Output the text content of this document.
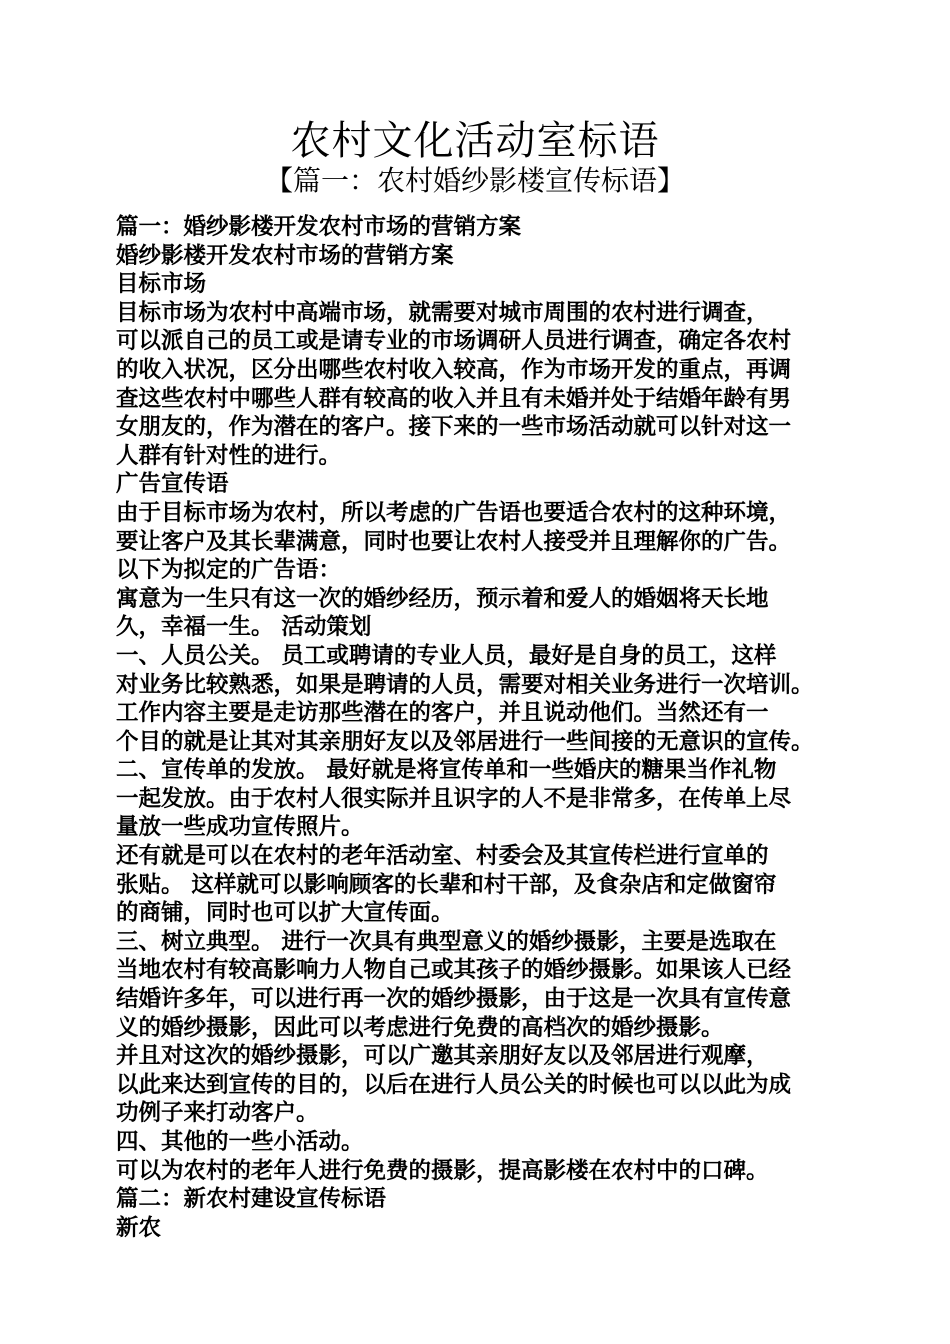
农村文化活动室标语
【篇一：农村婚纱影楼宣传标语】
篇一：婚纱影楼开发农村市场的营销方案
婚纱影楼开发农村市场的营销方案
目标市场
目标市场为农村中高端市场，就需要对城市周围的农村进行调查，
可以派自己的员工或是请专业的市场调研人员进行调查，确定各农村
的收入状况，区分出哪些农村收入较高，作为市场开发的重点，再调
查这些农村中哪些人群有较高的收入并且有未婚并处于结婚年龄有男
女朋友的，作为潜在的客户。接下来的一些市场活动就可以针对这一
人群有针对性的进行。
广告宣传语
由于目标市场为农村，所以考虑的广告语也要适合农村的这种环境，
要让客户及其长辈满意，同时也要让农村人接受并且理解你的广告。
以下为拟定的广告语：
寓意为一生只有这一次的婚纱经历，预示着和爱人的婚姻将天长地
久，幸福一生。 活动策划
一、人员公关。 员工或聘请的专业人员，最好是自身的员工，这样
对业务比较熟悉，如果是聘请的人员，需要对相关业务进行一次培训。
工作内容主要是走访那些潜在的客户，并且说动他们。当然还有一
个目的就是让其对其亲朋好友以及邻居进行一些间接的无意识的宣传。
二、宣传单的发放。 最好就是将宣传单和一些婚庆的糖果当作礼物
一起发放。由于农村人很实际并且识字的人不是非常多，在传单上尽
量放一些成功宣传照片。
还有就是可以在农村的老年活动室、村委会及其宣传栏进行宣单的
张贴。 这样就可以影响顾客的长辈和村干部，及食杂店和定做窗帘
的商铺，同时也可以扩大宣传面。
三、树立典型。 进行一次具有典型意义的婚纱摄影，主要是选取在
当地农村有较高影响力人物自己或其孩子的婚纱摄影。如果该人已经
结婚许多年，可以进行再一次的婚纱摄影，由于这是一次具有宣传意
义的婚纱摄影，因此可以考虑进行免费的高档次的婚纱摄影。
并且对这次的婚纱摄影，可以广邀其亲朋好友以及邻居进行观摩，
以此来达到宣传的目的，以后在进行人员公关的时候也可以以此为成
功例子来打动客户。
四、其他的一些小活动。
可以为农村的老年人进行免费的摄影，提高影楼在农村中的口碑。
篇二：新农村建设宣传标语
新农
